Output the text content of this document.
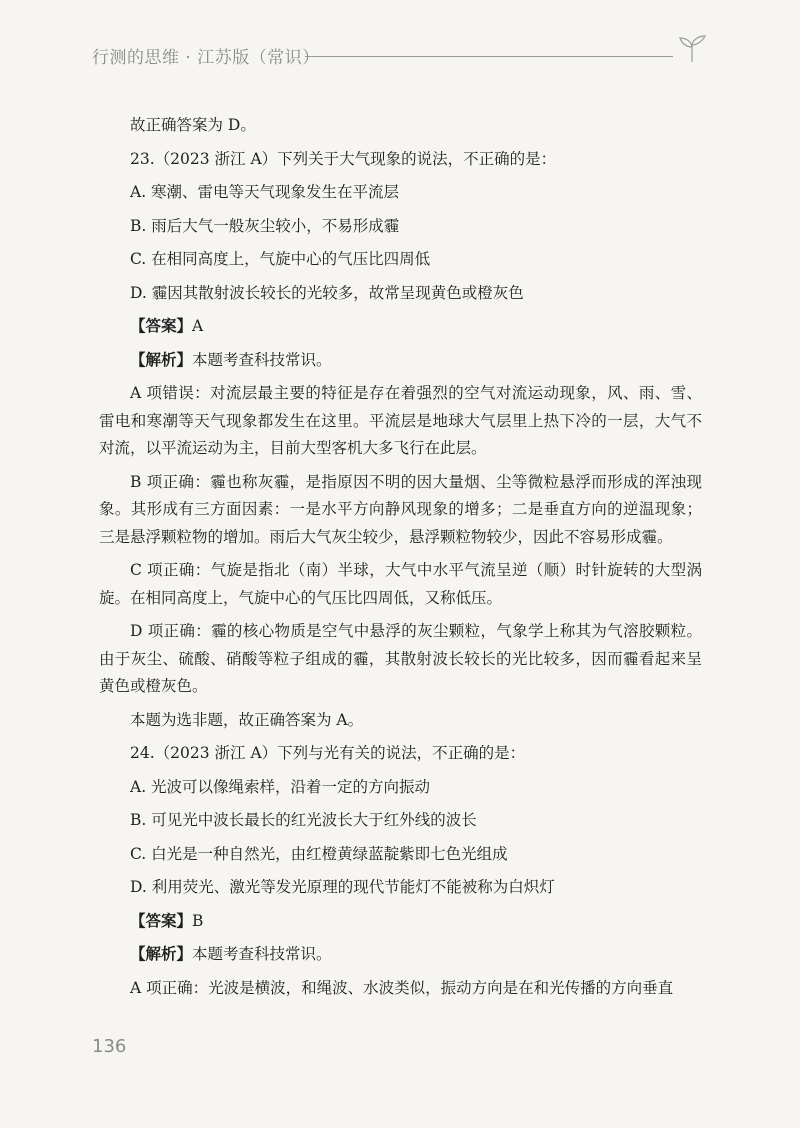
行测的思维 · 江苏版（常识）
故正确答案为 D。
23.（2023 浙江 A）下列关于大气现象的说法，不正确的是：
A. 寒潮、雷电等天气现象发生在平流层
B. 雨后大气一般灰尘较小，不易形成霾
C. 在相同高度上，气旋中心的气压比四周低
D. 霾因其散射波长较长的光较多，故常呈现黄色或橙灰色
【答案】A
【解析】本题考查科技常识。
A 项错误：对流层最主要的特征是存在着强烈的空气对流运动现象，风、雨、雪、雷电和寒潮等天气现象都发生在这里。平流层是地球大气层里上热下冷的一层，大气不对流，以平流运动为主，目前大型客机大多飞行在此层。
B 项正确：霾也称灰霾，是指原因不明的因大量烟、尘等微粒悬浮而形成的浑浊现象。其形成有三方面因素：一是水平方向静风现象的增多；二是垂直方向的逆温现象；三是悬浮颗粒物的增加。雨后大气灰尘较少，悬浮颗粒物较少，因此不容易形成霾。
C 项正确：气旋是指北（南）半球，大气中水平气流呈逆（顺）时针旋转的大型涡旋。在相同高度上，气旋中心的气压比四周低，又称低压。
D 项正确：霾的核心物质是空气中悬浮的灰尘颗粒，气象学上称其为气溶胶颗粒。由于灰尘、硫酸、硝酸等粒子组成的霾，其散射波长较长的光比较多，因而霾看起来呈黄色或橙灰色。
本题为选非题，故正确答案为 A。
24.（2023 浙江 A）下列与光有关的说法，不正确的是：
A. 光波可以像绳索样，沿着一定的方向振动
B. 可见光中波长最长的红光波长大于红外线的波长
C. 白光是一种自然光，由红橙黄绿蓝靛紫即七色光组成
D. 利用荧光、激光等发光原理的现代节能灯不能被称为白炽灯
【答案】B
【解析】本题考查科技常识。
A 项正确：光波是横波，和绳波、水波类似，振动方向是在和光传播的方向垂直
136
